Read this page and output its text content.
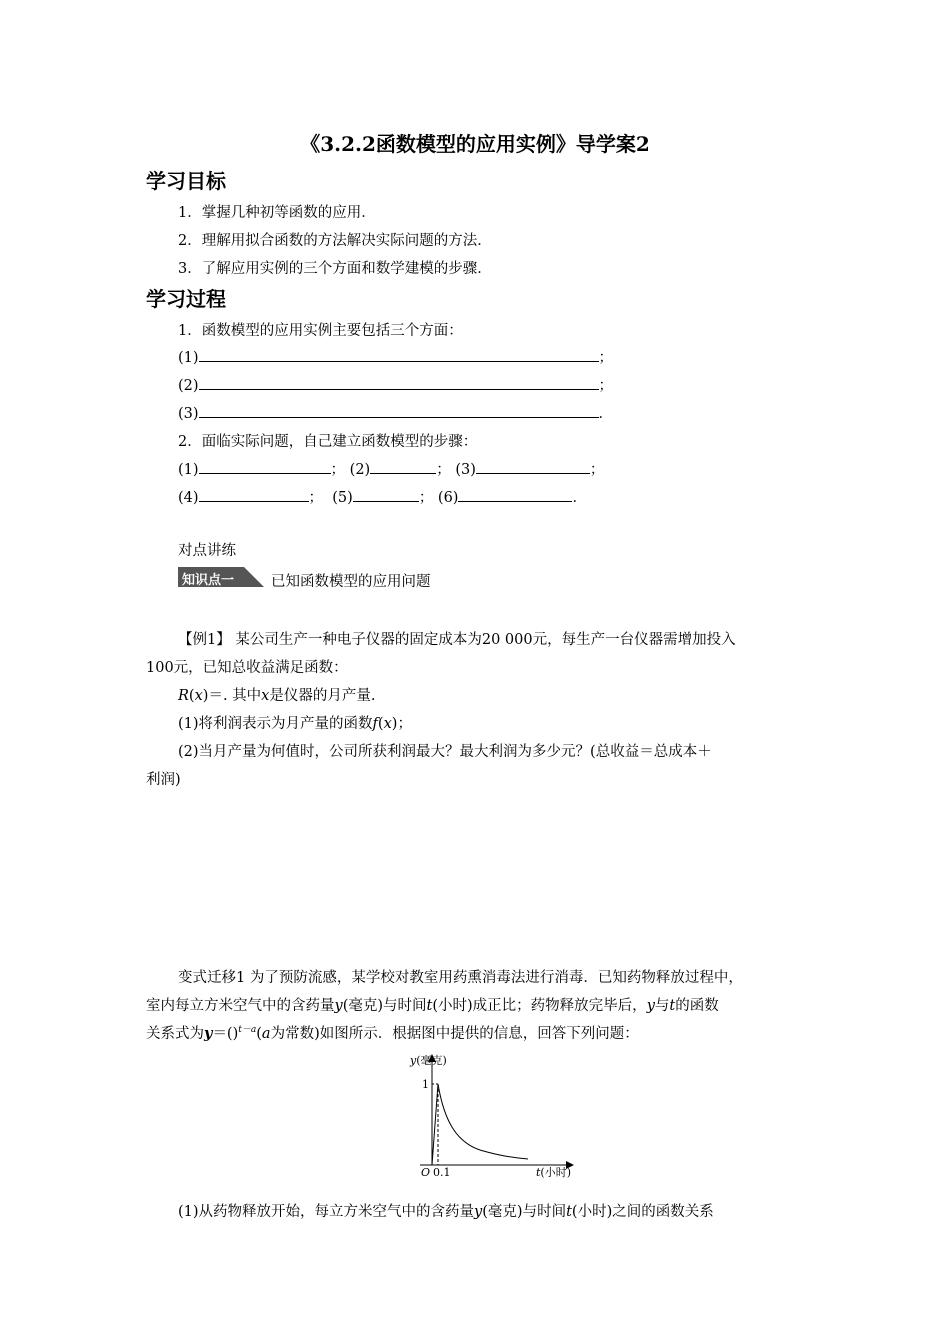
《3.2.2函数模型的应用实例》导学案2
学习目标
1．掌握几种初等函数的应用．
2．理解用拟合函数的方法解决实际问题的方法．
3．了解应用实例的三个方面和数学建模的步骤．
学习过程
1．函数模型的应用实例主要包括三个方面：
(1)	；
(2)	；
(3)	．
2．面临实际问题，自己建立函数模型的步骤：
(1)	； (2)	； (3)	；
(4)	； (5)	； (6)	．
对点讲练
知识点一	已知函数模型的应用问题
【例1】 某公司生产一种电子仪器的固定成本为20 000元，每生产一台仪器需增加投入
100元，已知总收益满足函数：
R(x)＝. 其中x是仪器的月产量.
(1)将利润表示为月产量的函数f(x)；
(2)当月产量为何值时，公司所获利润最大？最大利润为多少元？(总收益＝总成本＋
利润)
变式迁移1 为了预防流感，某学校对教室用药熏消毒法进行消毒．已知药物释放过程中，
室内每立方米空气中的含药量y(毫克)与时间t(小时)成正比；药物释放完毕后，y与t的函数
关系式为y＝()$^{t-a}$(a为常数)如图所示．根据图中提供的信息，回答下列问题：
y(毫克)
1
O 0.1	t(小时)
(1)从药物释放开始，每立方米空气中的含药量y(毫克)与时间t(小时)之间的函数关系
